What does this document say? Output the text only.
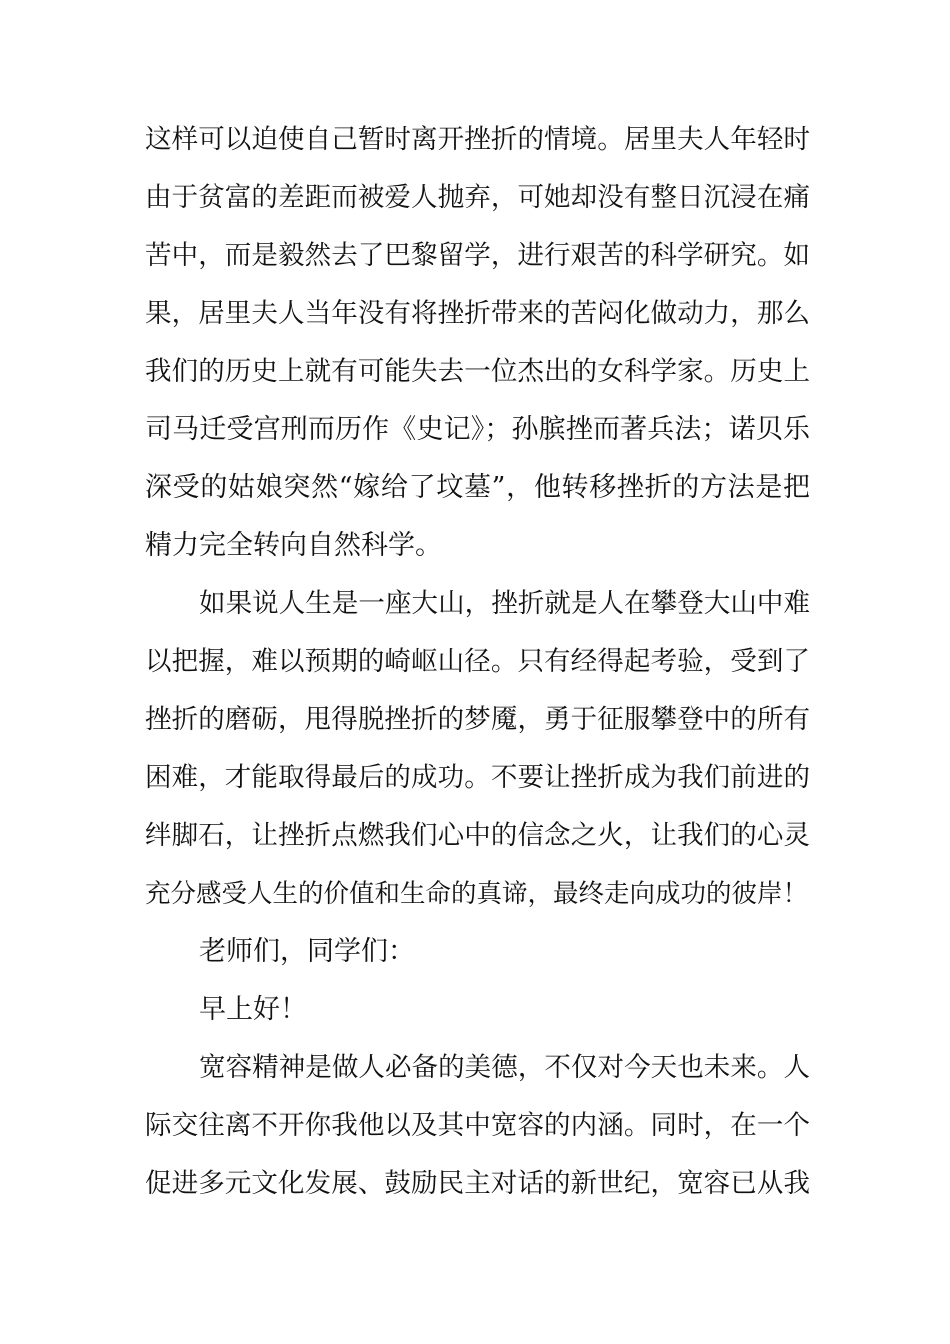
这样可以迫使自己暂时离开挫折的情境。居里夫人年轻时
由于贫富的差距而被爱人抛弃，可她却没有整日沉浸在痛
苦中，而是毅然去了巴黎留学，进行艰苦的科学研究。如
果，居里夫人当年没有将挫折带来的苦闷化做动力，那么
我们的历史上就有可能失去一位杰出的女科学家。历史上
司马迁受宫刑而历作《史记》；孙膑挫而著兵法；诺贝乐
深受的姑娘突然“嫁给了坟墓”，他转移挫折的方法是把
精力完全转向自然科学。
如果说人生是一座大山，挫折就是人在攀登大山中难
以把握，难以预期的崎岖山径。只有经得起考验，受到了
挫折的磨砺，甩得脱挫折的梦魇，勇于征服攀登中的所有
困难，才能取得最后的成功。不要让挫折成为我们前进的
绊脚石，让挫折点燃我们心中的信念之火，让我们的心灵
充分感受人生的价值和生命的真谛，最终走向成功的彼岸！
老师们，同学们：
早上好！
宽容精神是做人必备的美德，不仅对今天也未来。人
际交往离不开你我他以及其中宽容的内涵。同时，在一个
促进多元文化发展、鼓励民主对话的新世纪，宽容已从我
